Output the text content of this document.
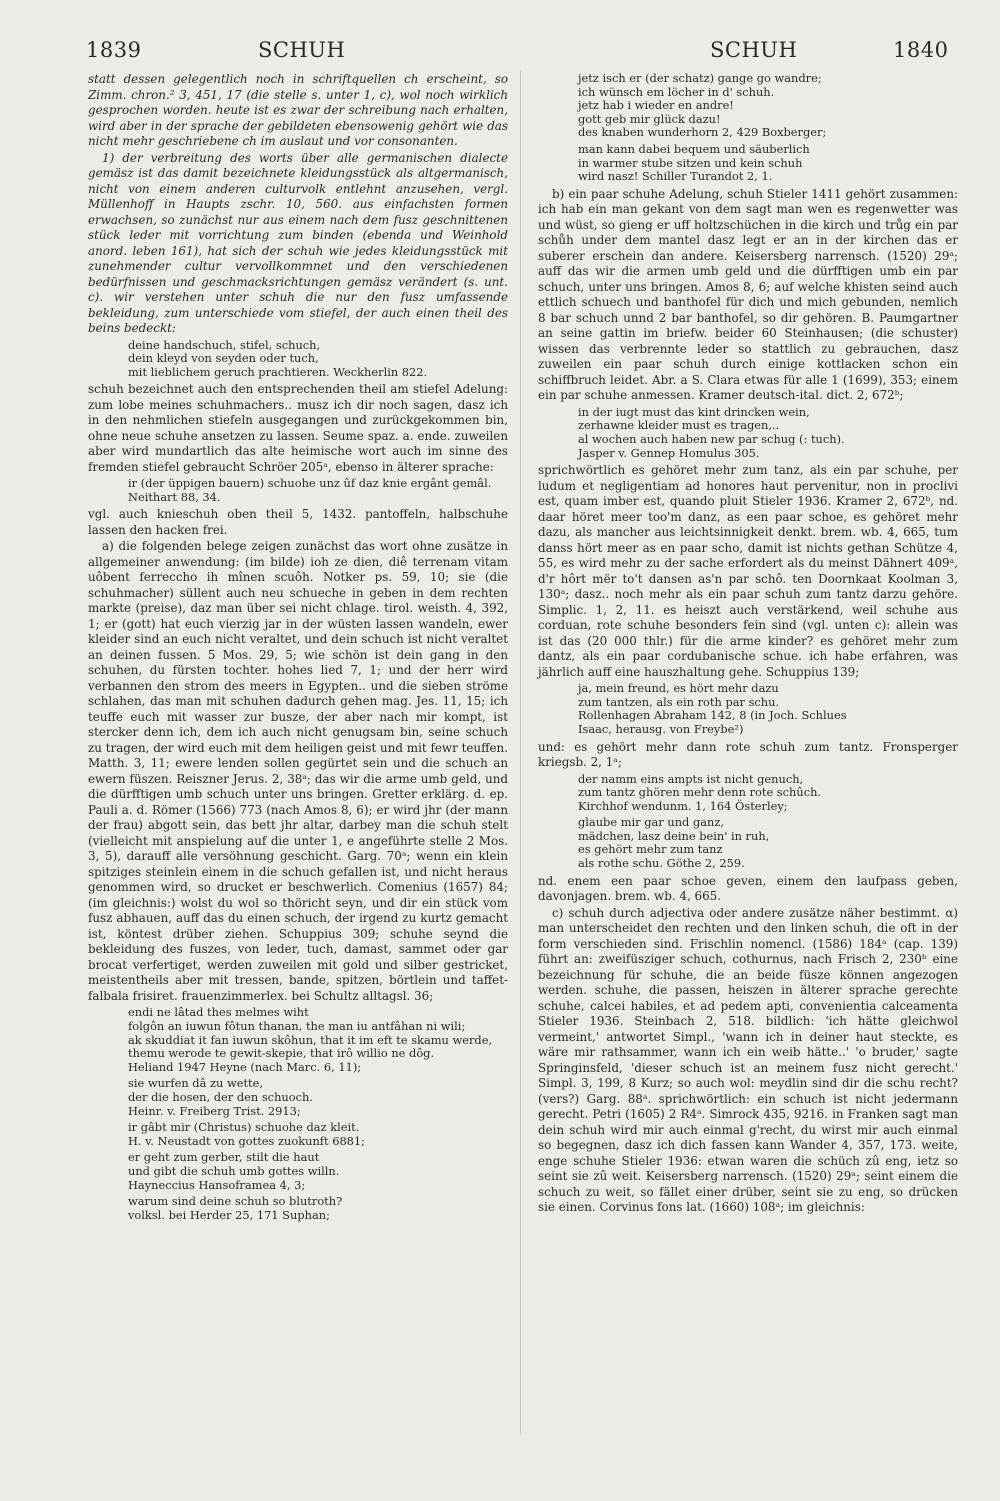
1839	SCHUH	SCHUH	1840
statt dessen gelegentlich noch in schriftquellen ch erscheint, so Zimm. chron.² 3, 451, 17 (die stelle s. unter 1, c), wol noch wirklich gesprochen worden. heute ist es zwar der schreibung nach erhalten, wird aber in der sprache der gebildeten ebensowenig gehört wie das nicht mehr geschriebene ch im auslaut und vor consonanten.
1) der verbreitung des worts über alle germanischen dialecte gemäsz ist das damit bezeichnete kleidungsstück als altgermanisch, nicht von einem anderen culturvolk entlehnt anzusehen, vergl. Müllenhoff in Haupts zschr. 10, 560. aus einfachsten formen erwachsen, so zunächst nur aus einem nach dem fusz geschnittenen stück leder mit vorrichtung zum binden (ebenda und Weinhold anord. leben 161), hat sich der schuh wie jedes kleidungsstück mit zunehmender cultur vervollkommnet und den verschiedenen bedürfnissen und geschmacksrichtungen gemäsz verändert (s. unt. c). wir verstehen unter schuh die nur den fusz umfassende bekleidung, zum unterschiede vom stiefel, der auch einen theil des beins bedeckt:
deine handschuch, stifel, schuch,
dein kleyd von seyden oder tuch,
mit lieblichem geruch prachtieren. Weckherlin 822.
schuh bezeichnet auch den entsprechenden theil am stiefel Adelung: zum lobe meines schuhmachers.. musz ich dir noch sagen, dasz ich in den nehmlichen stiefeln ausgegangen und zurückgekommen bin, ohne neue schuhe ansetzen zu lassen. Seume spaz. a. ende. zuweilen aber wird mundartlich das alte heimische wort auch im sinne des fremden stiefel gebraucht Schröer 205ᵃ, ebenso in älterer sprache:
ir (der üppigen bauern) schuohe unz ûf daz knie ergânt gemâl.
Neithart 88, 34.
vgl. auch knieschuh oben theil 5, 1432. pantoffeln, halbschuhe lassen den hacken frei.
a) die folgenden belege zeigen zunächst das wort ohne zusätze in allgemeiner anwendung: (im bilde) ioh ze dien, diê terrenam vitam uôbent ferreccho ih mînen scuôh. Notker ps. 59, 10; sie (die schuhmacher) süllent auch neu schueche in geben in dem rechten markte (preise), daz man über sei nicht chlage. tirol. weisth. 4, 392, 1; er (gott) hat euch vierzig jar in der wüsten lassen wandeln, ewer kleider sind an euch nicht veraltet, und dein schuch ist nicht veraltet an deinen fussen. 5 Mos. 29, 5; wie schön ist dein gang in den schuhen, du fürsten tochter. hohes lied 7, 1; und der herr wird verbannen den strom des meers in Egypten.. und die sieben ströme schlahen, das man mit schuhen dadurch gehen mag. Jes. 11, 15; ich teuffe euch mit wasser zur busze, der aber nach mir kompt, ist stercker denn ich, dem ich auch nicht genugsam bin, seine schuch zu tragen, der wird euch mit dem heiligen geist und mit fewr teuffen. Matth. 3, 11; ewere lenden sollen gegürtet sein und die schuch an ewern füszen. Reiszner Jerus. 2, 38ᵃ; das wir die arme umb geld, und die dürfftigen umb schuch unter uns bringen. Gretter erklärg. d. ep. Pauli a. d. Römer (1566) 773 (nach Amos 8, 6); er wird jhr (der mann der frau) abgott sein, das bett jhr altar, darbey man die schuh stelt (vielleicht mit anspielung auf die unter 1, e angeführte stelle 2 Mos. 3, 5), darauff alle versöhnung geschicht. Garg. 70ᵃ; wenn ein klein spitziges steinlein einem in die schuch gefallen ist, und nicht heraus genommen wird, so drucket er beschwerlich. Comenius (1657) 84; (im gleichnis:) wolst du wol so thöricht seyn, und dir ein stück vom fusz abhauen, auff das du einen schuch, der irgend zu kurtz gemacht ist, köntest drüber ziehen. Schuppius 309; schuhe seynd die bekleidung des fuszes, von leder, tuch, damast, sammet oder gar brocat verfertiget, werden zuweilen mit gold und silber gestricket, meistentheils aber mit tressen, bande, spitzen, börtlein und taffet-falbala frisiret. frauenzimmerlex. bei Schultz alltagsl. 36;
endi ne lâtad thes melmes wiht
folgôn an iuwun fôtun thanan, the man iu antfâhan ni wili;
ak skuddiat it fan iuwun skôhun, that it im eft te skamu werde,
themu werode te gewit-skepie, that irô willio ne dôg.
Heliand 1947 Heyne (nach Marc. 6, 11);
sie wurfen dâ zu wette,
der die hosen, der den schuoch.
Heinr. v. Freiberg Trist. 2913;
ir gâbt mir (Christus) schuohe daz kleit.
H. v. Neustadt von gottes zuokunft 6881;
er geht zum gerber, stilt die haut
und gibt die schuh umb gottes willn.
Hayneccius Hansoframea 4, 3;
warum sind deine schuh so blutroth?
volksl. bei Herder 25, 171 Suphan;
jetz isch er (der schatz) gange go wandre;
ich wünsch em löcher in d' schuh.
jetz hab i wieder en andre!
gott geb mir glück dazu!
des knaben wunderhorn 2, 429 Boxberger;
man kann dabei bequem und säuberlich
in warmer stube sitzen und kein schuh
wird nasz! Schiller Turandot 2, 1.
b) ein paar schuhe Adelung, schuh Stieler 1411 gehört zusammen: ich hab ein man gekant von dem sagt man wen es regenwetter was und wüst, so gieng er uff holtzschüchen in die kirch und trůg ein par schůh under dem mantel dasz legt er an in der kirchen das er suberer erschein dan andere. Keisersberg narrensch. (1520) 29ᵃ; auff das wir die armen umb geld und die dürfftigen umb ein par schuch, unter uns bringen. Amos 8, 6; auf welche khisten seind auch ettlich schuech und banthofel für dich und mich gebunden, nemlich 8 bar schuch unnd 2 bar banthofel, so dir gehören. B. Paumgartner an seine gattin im briefw. beider 60 Steinhausen; (die schuster) wissen das verbrennte leder so stattlich zu gebrauchen, dasz zuweilen ein paar schuh durch einige kottlacken schon ein schiffbruch leidet. Abr. a S. Clara etwas für alle 1 (1699), 353; einem ein par schuhe anmessen. Kramer deutsch-ital. dict. 2, 672ᵇ;
in der iugt must das kint drincken wein,
zerhawne kleider must es tragen,..
al wochen auch haben new par schug (: tuch).
Jasper v. Gennep Homulus 305.
sprichwörtlich es gehöret mehr zum tanz, als ein par schuhe, per ludum et negligentiam ad honores haut pervenitur, non in proclivi est, quam imber est, quando pluit Stieler 1936. Kramer 2, 672ᵇ, nd. daar höret meer too'm danz, as een paar schoe, es gehöret mehr dazu, als mancher aus leichtsinnigkeit denkt. brem. wb. 4, 665, tum danss hört meer as en paar scho, damit ist nichts gethan Schütze 4, 55, es wird mehr zu der sache erfordert als du meinst Dähnert 409ᵃ, d'r hôrt mër to't dansen as'n par schô. ten Doornkaat Koolman 3, 130ᵃ; dasz.. noch mehr als ein paar schuh zum tantz darzu gehöre. Simplic. 1, 2, 11. es heiszt auch verstärkend, weil schuhe aus corduan, rote schuhe besonders fein sind (vgl. unten c): allein was ist das (20 000 thlr.) für die arme kinder? es gehöret mehr zum dantz, als ein paar cordubanische schue. ich habe erfahren, was jährlich auff eine hauszhaltung gehe. Schuppius 139;
ja, mein freund, es hört mehr dazu
zum tantzen, als ein roth par schu.
Rollenhagen Abraham 142, 8 (in Joch. Schlues
Isaac, herausg. von Freybe²)
und: es gehört mehr dann rote schuh zum tantz. Fronsperger kriegsb. 2, 1ᵃ;
der namm eins ampts ist nicht genuch,
zum tantz ghören mehr denn rote schûch.
Kirchhof wendunm. 1, 164 Österley;
glaube mir gar und ganz,
mädchen, lasz deine bein' in ruh,
es gehört mehr zum tanz
als rothe schu. Göthe 2, 259.
nd. enem een paar schoe geven, einem den laufpass geben, davonjagen. brem. wb. 4, 665.
c) schuh durch adjectiva oder andere zusätze näher bestimmt. α) man unterscheidet den rechten und den linken schuh, die oft in der form verschieden sind. Frischlin nomencl. (1586) 184ᵃ (cap. 139) führt an: zweifüsziger schuch, cothurnus, nach Frisch 2, 230ᵇ eine bezeichnung für schuhe, die an beide füsze können angezogen werden. schuhe, die passen, heiszen in älterer sprache gerechte schuhe, calcei habiles, et ad pedem apti, convenientia calceamenta Stieler 1936. Steinbach 2, 518. bildlich: 'ich hätte gleichwol vermeint,' antwortet Simpl., 'wann ich in deiner haut steckte, es wäre mir rathsammer, wann ich ein weib hätte..' 'o bruder,' sagte Springinsfeld, 'dieser schuch ist an meinem fusz nicht gerecht.' Simpl. 3, 199, 8 Kurz; so auch wol: meydlin sind dir die schu recht? (vers?) Garg. 88ᵃ. sprichwörtlich: ein schuch ist nicht jedermann gerecht. Petri (1605) 2 R4ᵃ. Simrock 435, 9216. in Franken sagt man dein schuh wird mir auch einmal g'recht, du wirst mir auch einmal so begegnen, dasz ich dich fassen kann Wander 4, 357, 173. weite, enge schuhe Stieler 1936: etwan waren die schüch zû eng, ietz so seint sie zû weit. Keisersberg narrensch. (1520) 29ᵃ; seint einem die schuch zu weit, so fället einer drüber, seint sie zu eng, so drücken sie einen. Corvinus fons lat. (1660) 108ᵃ; im gleichnis:
